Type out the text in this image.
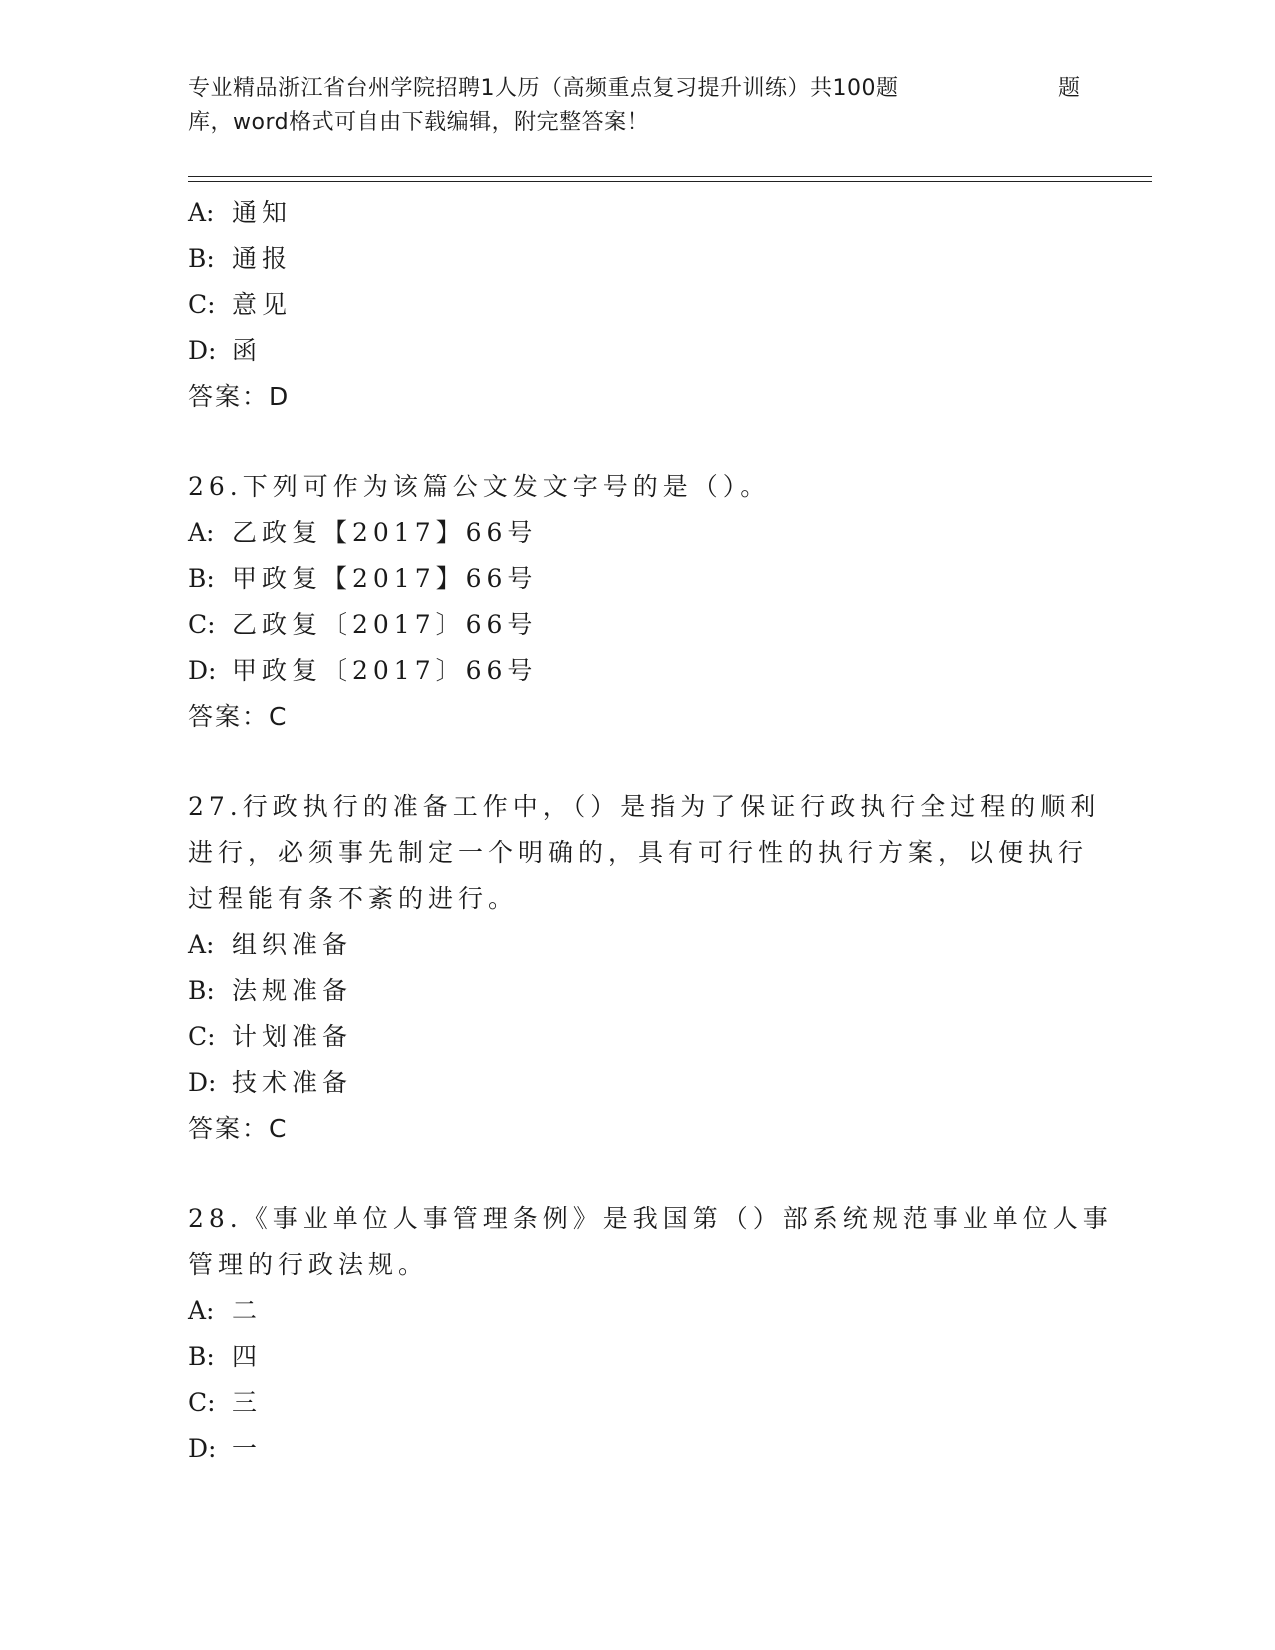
专业精品浙江省台州学院招聘1人历（高频重点复习提升训练）共100题	题
库，word格式可自由下载编辑，附完整答案！
A: 通知
B: 通报
C: 意见
D: 函
答案：D
26.下列可作为该篇公文发文字号的是（）。
A: 乙政复【2017】66号
B: 甲政复【2017】66号
C: 乙政复〔2017〕66号
D: 甲政复〔2017〕66号
答案：C
27.行政执行的准备工作中，（）是指为了保证行政执行全过程的顺利
进行，必须事先制定一个明确的，具有可行性的执行方案，以便执行
过程能有条不紊的进行。
A: 组织准备
B: 法规准备
C: 计划准备
D: 技术准备
答案：C
28.《事业单位人事管理条例》是我国第（）部系统规范事业单位人事
管理的行政法规。
A: 二
B: 四
C: 三
D: 一
